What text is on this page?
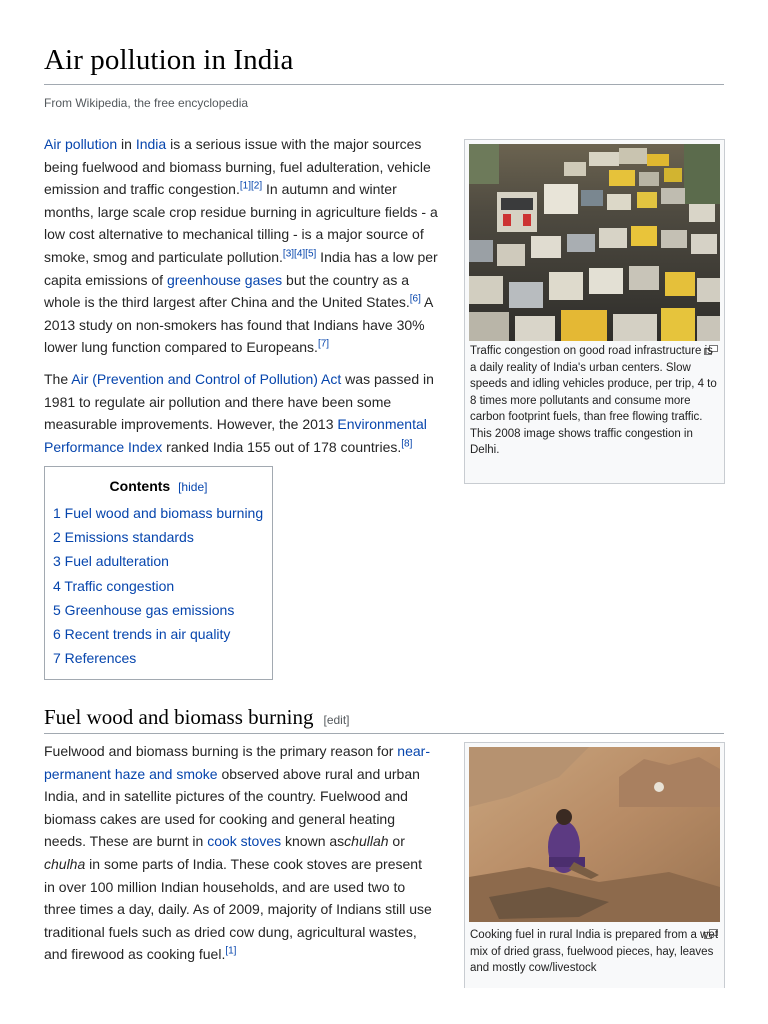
Air pollution in India
From Wikipedia, the free encyclopedia

Air pollution in India is a serious issue with the major sources being fuelwood and biomass burning, fuel adulteration, vehicle emission and traffic congestion.[1][2] In autumn and winter months, large scale crop residue burning in agriculture fields - a low cost alternative to mechanical tilling - is a major source of smoke, smog and particulate pollution.[3][4][5] India has a low per capita emissions of greenhouse gases but the country as a whole is the third largest after China and the United States.[6] A 2013 study on non-smokers has found that Indians have 30% lower lung function compared to Europeans.[7]

The Air (Prevention and Control of Pollution) Act was passed in 1981 to regulate air pollution and there have been some measurable improvements. However, the 2013 Environmental Performance Index ranked India 155 out of 178 countries.[8]

Contents [hide]
1 Fuel wood and biomass burning
2 Emissions standards
3 Fuel adulteration
4 Traffic congestion
5 Greenhouse gas emissions
6 Recent trends in air quality
7 References
Traffic congestion on good road infrastructure is a daily reality of India's urban centers. Slow speeds and idling vehicles produce, per trip, 4 to 8 times more pollutants and consume more carbon footprint fuels, than free flowing traffic. This 2008 image shows traffic congestion in Delhi.
Fuel wood and biomass burning [edit]

Fuelwood and biomass burning is the primary reason for near-permanent haze and smoke observed above rural and urban India, and in satellite pictures of the country. Fuelwood and biomass cakes are used for cooking and general heating needs. These are burnt in cook stoves known aschullah or chulha in some parts of India. These cook stoves are present in over 100 million Indian households, and are used two to three times a day, daily. As of 2009, majority of Indians still use traditional fuels such as dried cow dung, agricultural wastes, and firewood as cooking fuel.[1]

Cooking fuel in rural India is prepared from a wet mix of dried grass, fuelwood pieces, hay, leaves and mostly cow/livestock
